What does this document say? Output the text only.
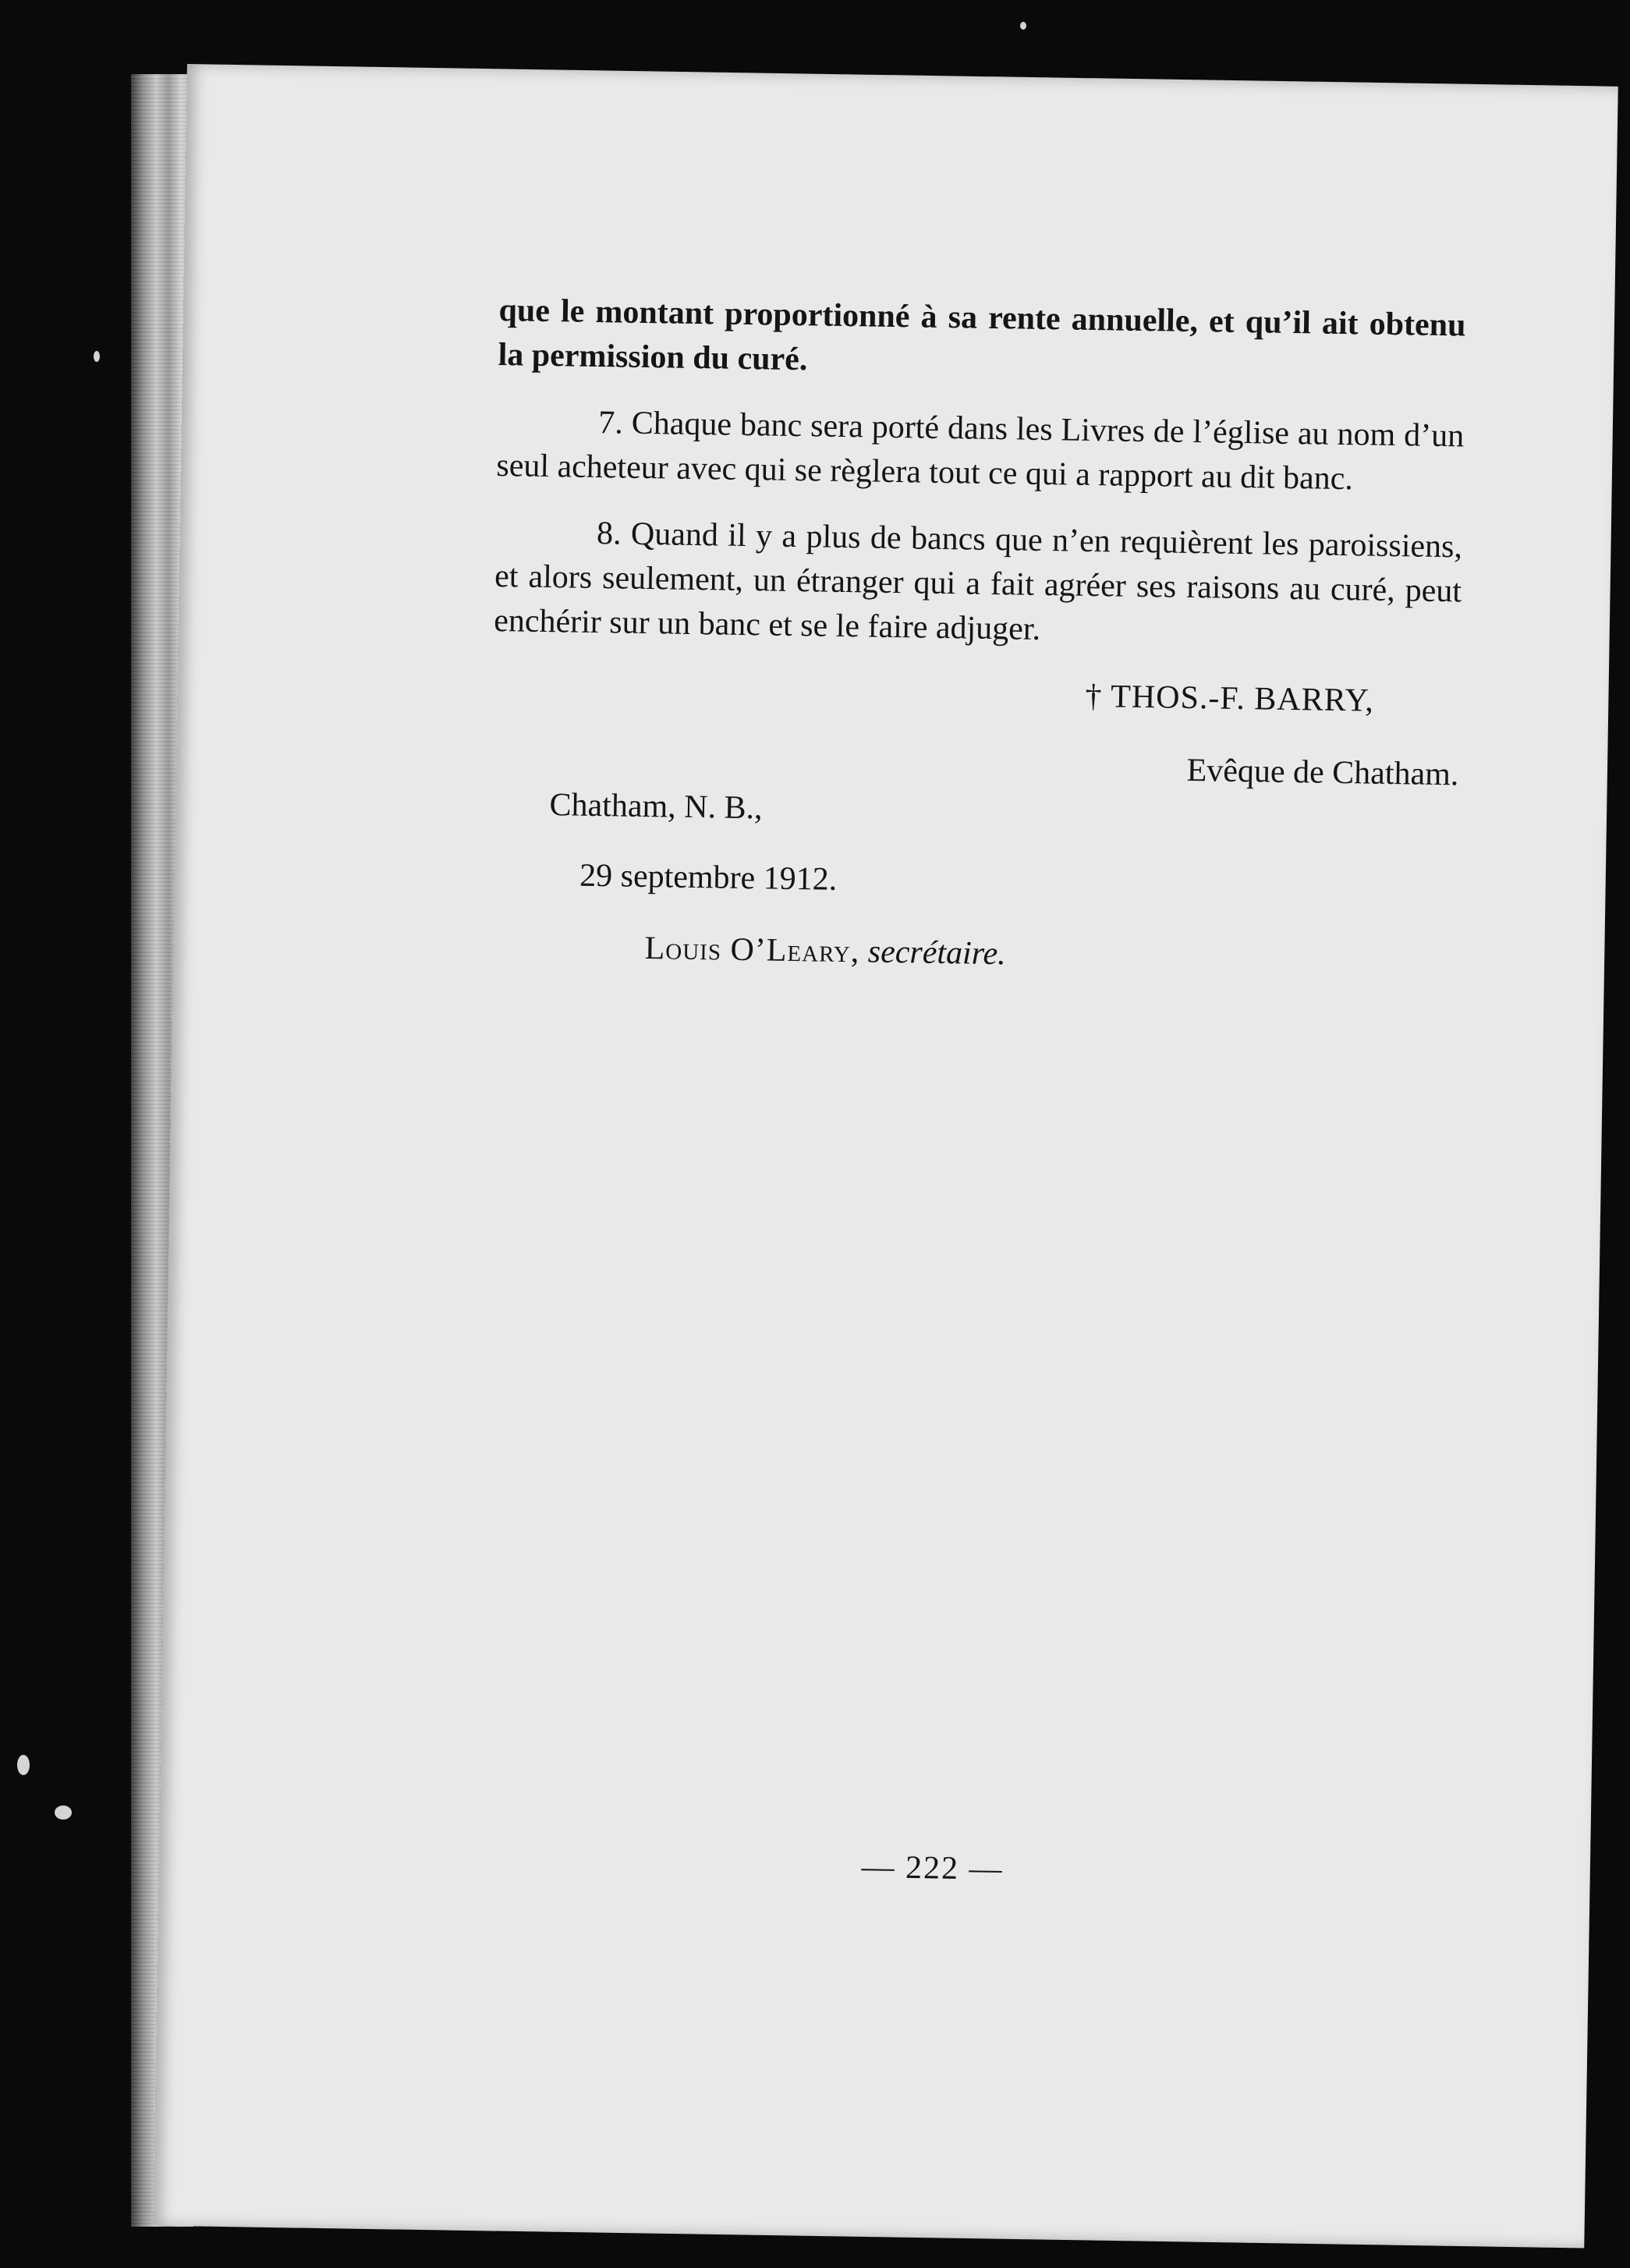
que le montant proportionné à sa rente annuelle, et qu’il ait obtenu la permission du curé.

7. Chaque banc sera porté dans les Livres de l’église au nom d’un seul acheteur avec qui se règlera tout ce qui a rapport au dit banc.

8. Quand il y a plus de bancs que n’en requièrent les paroissiens, et alors seulement, un étranger qui a fait agréer ses raisons au curé, peut enchérir sur un banc et se le faire adjuger.

† THOS.-F. BARRY,
Evêque de Chatham.
Chatham, N. B.,
29 septembre 1912.
Louis O’Leary, secrétaire.
— 222 —
